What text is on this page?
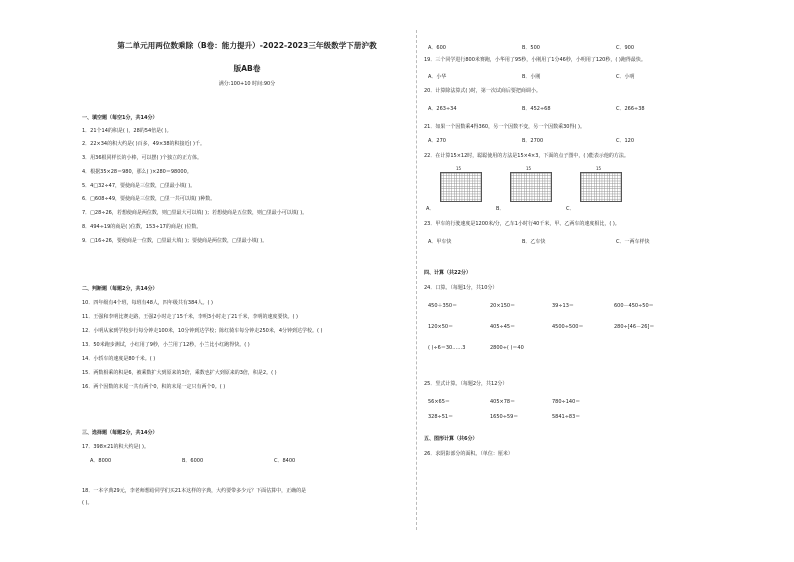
第二单元用两位数乘除（B卷：能力提升）-2022-2023三年级数学下册沪教
版AB卷
满分:100+10 时间:90分
一、填空题（每空1分，共14分）
1．21个14的积是( )，28的54倍是( )。
2．22×34的积大约是( )百多，49×38的积接近( )千。
3．用36根同样长的小棒，可以摆( )个独立的正方体。
4．根据35×28＝980，那么( )×280＝98000。
5．4□32÷47，要使商是三位数，□里最小填( )。
6．□608÷49，要使商是三位数，□里一共可以填( )种数。
7．□28÷26，若想使商是两位数，则□里最大可以填( )；若想使商是五位数，则□里最小可以填( )。
8．494÷19的商是( )位数，153÷17的商是( )位数。
9．□16÷26，要使商是一位数，□里最大填( )；要使商是两位数，□里最小填( )。
二、判断题（每题2分，共14分）
10．四年级有4个班，每班有48人，四年级共有384人。( )
11．王强和李明比赛走路，王强2小时走了15千米，李明3小时走了21千米，李明的速度要快。( )
12．小明从家到学校步行每分钟走100米，10分钟到达学校；陈红骑车每分钟走250米，4分钟到达学校。( )
13．50米跑步测试，小红用了9秒，小兰用了12秒，小兰比小红跑得快。( )
14．小轿车的速度是80千米。( )
15．两数相乘的积是6，被乘数扩大到原来的3倍，乘数也扩大到原来的3倍，积是2。( )
16．两个因数的末尾一共有两个0，积的末尾一定只有两个0。( )
三、选择题（每题2分，共14分）
17．398×21的积大约是( )。
18．一本字典29元，李老师想给同学们买21本这样的字典，大约要带多少元？下面估算中，正确的是
( )。
A．8000	B．6000	C．8400
19．三个同学进行800米赛跑，小华用了95秒，小刚用了1分46秒，小明用了120秒，( )跑得最快。
20．计算除法算式( )时，第一次试商后要把商调小。
21．如果一个因数乘4得360，另一个因数不变，另一个因数乘30得( )。
22．在计算15×12时，聪聪使用的方法是15×4×3，下面的点子图中，( )能表示他的方法。
23．甲车的行驶速度是1200米/分，乙车1小时行40千米，甲、乙两车的速度相比，( )。
四、计算（共22分）
24．口算。（每题1分，共10分）
25．竖式计算。（每题2分，共12分）
五、图形计算（共6分）
26．求阴影部分的面积。（单位：厘米）
A．600	B．500	C．900
A．小华	B．小刚	C．小明
A．263÷34	B．452÷68	C．266÷38
A．270	B．2700	C．120
A．甲车快	B．乙车快	C．一两车样快
A．
15
B．
15
C．
15
450＋350＝	20×150＝	39÷13＝	600－450÷50＝
120×50＝	405÷45＝	4500÷500＝	280÷[46－26]＝
( )÷6＝30……3	2800÷( )＝40
56×65＝	405×78＝	780÷140＝
328÷51＝	1650÷59＝	5841÷83＝
